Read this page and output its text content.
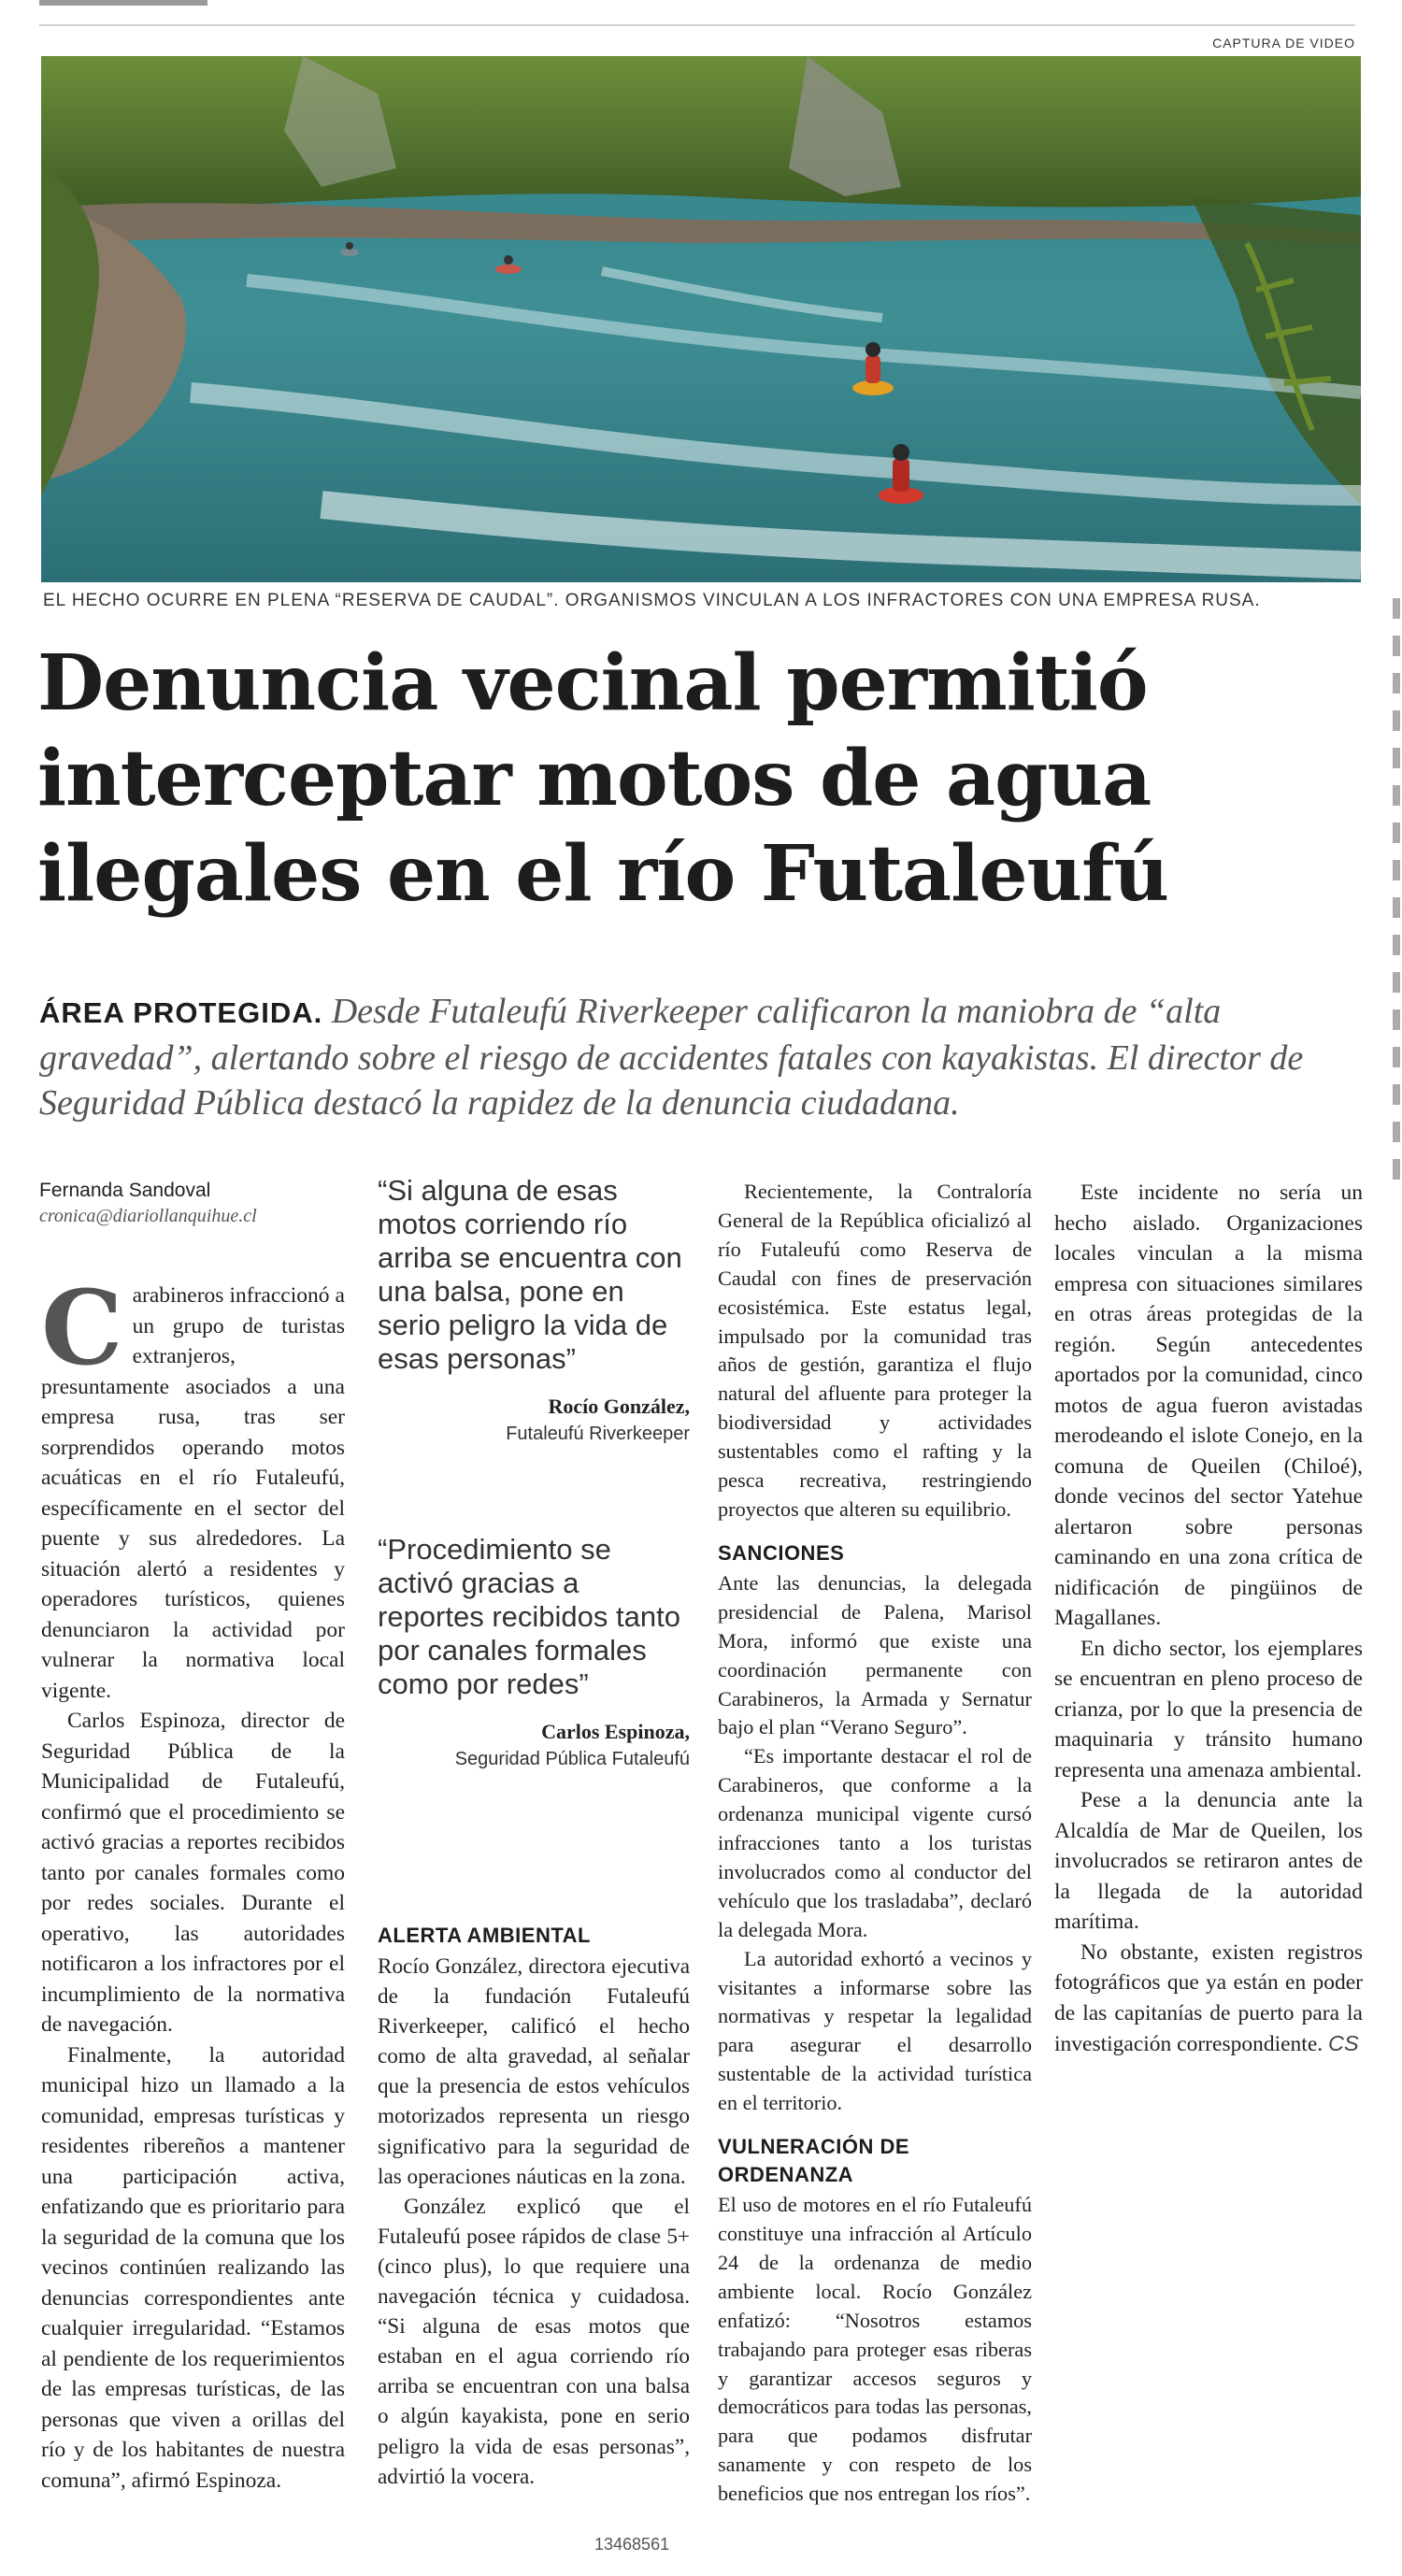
CAPTURA DE VIDEO
EL HECHO OCURRE EN PLENA “RESERVA DE CAUDAL”. ORGANISMOS VINCULAN A LOS INFRACTORES CON UNA EMPRESA RUSA.
Denuncia vecinal permitió
interceptar motos de agua
ilegales en el río Futaleufú
ÁREA PROTEGIDA. Desde Futaleufú Riverkeeper calificaron la maniobra de “alta gravedad”, alertando sobre el riesgo de accidentes fatales con kayakistas. El director de Seguridad Pública destacó la rapidez de la denuncia ciudadana.
Fernanda Sandoval
cronica@diariollanquihue.cl

Carabineros infraccionó a un grupo de turistas extranjeros, presuntamente asociados a una empresa rusa, tras ser sorprendidos operando motos acuáticas en el río Futaleufú, específicamente en el sector del puente y sus alrededores. La situación alertó a residentes y operadores turísticos, quienes denunciaron la actividad por vulnerar la normativa local vigente.

Carlos Espinoza, director de Seguridad Pública de la Municipalidad de Futaleufú, confirmó que el procedimiento se activó gracias a reportes recibidos tanto por canales formales como por redes sociales. Durante el operativo, las autoridades notificaron a los infractores por el incumplimiento de la normativa de navegación.

Finalmente, la autoridad municipal hizo un llamado a la comunidad, empresas turísticas y residentes ribereños a mantener una participación activa, enfatizando que es prioritario para la seguridad de la comuna que los vecinos continúen realizando las denuncias correspondientes ante cualquier irregularidad. “Estamos al pendiente de los requerimientos de las empresas turísticas, de las personas que viven a orillas del río y de los habitantes de nuestra comuna”, afirmó Espinoza.

“Si alguna de esas motos corriendo río arriba se encuentra con una balsa, pone en serio peligro la vida de esas personas”
Rocío González,
Futaleufú Riverkeeper
“Procedimiento se activó gracias a reportes recibidos tanto por canales formales como por redes”
Carlos Espinoza,
Seguridad Pública Futaleufú
ALERTA AMBIENTAL

Rocío González, directora ejecutiva de la fundación Futaleufú Riverkeeper, calificó el hecho como de alta gravedad, al señalar que la presencia de estos vehículos motorizados representa un riesgo significativo para la seguridad de las operaciones náuticas en la zona.

González explicó que el Futaleufú posee rápidos de clase 5+ (cinco plus), lo que requiere una navegación técnica y cuidadosa. “Si alguna de esas motos que estaban en el agua corriendo río arriba se encuentran con una balsa o algún kayakista, pone en serio peligro la vida de esas personas”, advirtió la vocera.

Recientemente, la Contraloría General de la República oficializó al río Futaleufú como Reserva de Caudal con fines de preservación ecosistémica. Este estatus legal, impulsado por la comunidad tras años de gestión, garantiza el flujo natural del afluente para proteger la biodiversidad y actividades sustentables como el rafting y la pesca recreativa, restringiendo proyectos que alteren su equilibrio.

SANCIONES

Ante las denuncias, la delegada presidencial de Palena, Marisol Mora, informó que existe una coordinación permanente con Carabineros, la Armada y Sernatur bajo el plan “Verano Seguro”.

“Es importante destacar el rol de Carabineros, que conforme a la ordenanza municipal vigente cursó infracciones tanto a los turistas involucrados como al conductor del vehículo que los trasladaba”, declaró la delegada Mora.

La autoridad exhortó a vecinos y visitantes a informarse sobre las normativas y respetar la legalidad para asegurar el desarrollo sustentable de la actividad turística en el territorio.

VULNERACIÓN DE ORDENANZA

El uso de motores en el río Futaleufú constituye una infracción al Artículo 24 de la ordenanza de medio ambiente local. Rocío González enfatizó: “Nosotros estamos trabajando para proteger esas riberas y garantizar accesos seguros y democráticos para todas las personas, para que podamos disfrutar sanamente y con respeto de los beneficios que nos entregan los ríos”.

Este incidente no sería un hecho aislado. Organizaciones locales vinculan a la misma empresa con situaciones similares en otras áreas protegidas de la región. Según antecedentes aportados por la comunidad, cinco motos de agua fueron avistadas merodeando el islote Conejo, en la comuna de Queilen (Chiloé), donde vecinos del sector Yatehue alertaron sobre personas caminando en una zona crítica de nidificación de pingüinos de Magallanes.

En dicho sector, los ejemplares se encuentran en pleno proceso de crianza, por lo que la presencia de maquinaria y tránsito humano representa una amenaza ambiental.

Pese a la denuncia ante la Alcaldía de Mar de Queilen, los involucrados se retiraron antes de la llegada de la autoridad marítima.

No obstante, existen registros fotográficos que ya están en poder de las capitanías de puerto para la investigación correspondiente. CS

13468561
